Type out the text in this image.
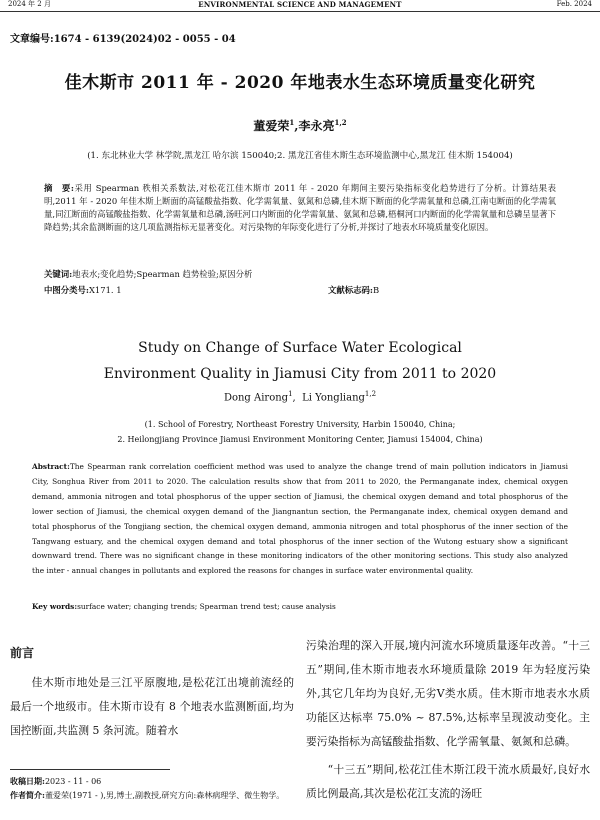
2024 年 2 月	ENVIRONMENTAL SCIENCE AND MANAGEMENT	Feb. 2024
文章编号:1674 - 6139(2024)02 - 0055 - 04
佳木斯市 2011 年 - 2020 年地表水生态环境质量变化研究
董爱荣$^1$,李永亮$^{1,2}$
(1. 东北林业大学 林学院,黑龙江 哈尔滨 150040;2. 黑龙江省佳木斯生态环境监测中心,黑龙江 佳木斯 154004)
摘　要:采用 Spearman 秩相关系数法,对松花江佳木斯市 2011 年 - 2020 年期间主要污染指标变化趋势进行了分析。计算结果表明,2011 年 - 2020 年佳木斯上断面的高锰酸盐指数、化学需氧量、氨氮和总磷,佳木斯下断面的化学需氧量和总磷,江南屯断面的化学需氧量,同江断面的高锰酸盐指数、化学需氧量和总磷,汤旺河口内断面的化学需氧量、氨氮和总磷,梧桐河口内断面的化学需氧量和总磷呈显著下降趋势;其余监测断面的这几项监测指标无显著变化。对污染物的年际变化进行了分析,并探讨了地表水环境质量变化原因。
关键词:地表水;变化趋势;Spearman 趋势检验;原因分析
中图分类号:X171. 1	文献标志码:B
Study on Change of Surface Water Ecological
Environment Quality in Jiamusi City from 2011 to 2020
Dong Airong$^1$,  Li Yongliang$^{1,2}$
(1. School of Forestry, Northeast Forestry University, Harbin 150040, China;
2. Heilongjiang Province Jiamusi Environment Monitoring Center, Jiamusi 154004, China)
Abstract:The Spearman rank correlation coefficient method was used to analyze the change trend of main pollution indicators in Jiamusi City, Songhua River from 2011 to 2020. The calculation results show that from 2011 to 2020, the Permanganate index, chemical oxygen demand, ammonia nitrogen and total phosphorus of the upper section of Jiamusi, the chemical oxygen demand and total phosphorus of the lower section of Jiamusi, the chemical oxygen demand of the Jiangnantun section, the Permanganate index, chemical oxygen demand and total phosphorus of the Tongjiang section, the chemical oxygen demand, ammonia nitrogen and total phosphorus of the inner section of the Tangwang estuary, and the chemical oxygen demand and total phosphorus of the inner section of the Wutong estuary show a significant downward trend. There was no significant change in these monitoring indicators of the other monitoring sections. This study also analyzed the inter - annual changes in pollutants and explored the reasons for changes in surface water environmental quality.
Key words:surface water; changing trends; Spearman trend test; cause analysis
前言
佳木斯市地处是三江平原腹地,是松花江出境前流经的最后一个地级市。佳木斯市设有 8 个地表水监测断面,均为国控断面,共监测 5 条河流。随着水
收稿日期:2023 - 11 - 06
作者简介:董爱荣(1971 - ),男,博士,副教授,研究方向:森林病理学、微生物学。
污染治理的深入开展,境内河流水环境质量逐年改善。“十三五”期间,佳木斯市地表水环境质量除 2019 年为轻度污染外,其它几年均为良好,无劣Ⅴ类水质。佳木斯市地表水水质功能区达标率 75.0% ~ 87.5%,达标率呈现波动变化。主要污染指标为高锰酸盐指数、化学需氧量、氨氮和总磷。
“十三五”期间,松花江佳木斯江段干流水质最好,良好水质比例最高,其次是松花江支流的汤旺
